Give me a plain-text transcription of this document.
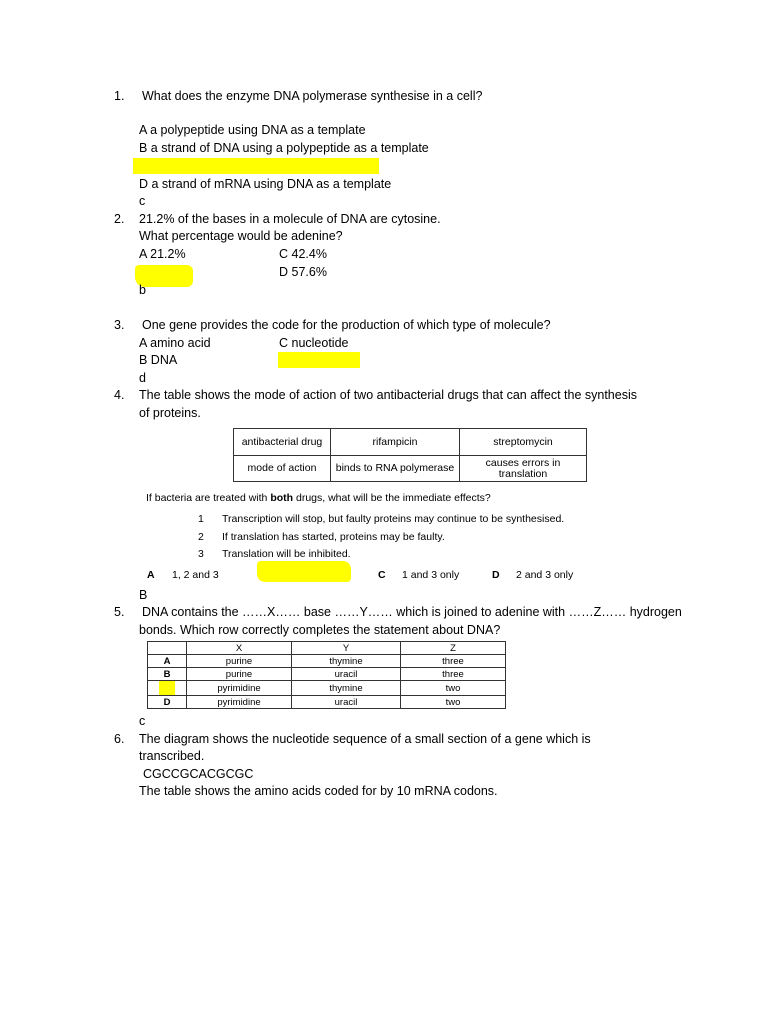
1. What does the enzyme DNA polymerase synthesise in a cell?
A a polypeptide using DNA as a template
B a strand of DNA using a polypeptide as a template
D a strand of mRNA using DNA as a template
c
2. 21.2% of the bases in a molecule of DNA are cytosine.
What percentage would be adenine?
A 21.2%	C 42.4%
D 57.6%
b
3. One gene provides the code for the production of which type of molecule?
A amino acid	C nucleotide
B DNA
d
4. The table shows the mode of action of two antibacterial drugs that can affect the synthesis
of proteins.
antibacterial drug	rifampicin	streptomycin
mode of action	binds to RNA polymerase	causes errors in translation
If bacteria are treated with both drugs, what will be the immediate effects?
1 Transcription will stop, but faulty proteins may continue to be synthesised.
2 If translation has started, proteins may be faulty.
3 Translation will be inhibited.
A 1, 2 and 3	C 1 and 3 only	D 2 and 3 only
B
5. DNA contains the ……X…… base ……Y…… which is joined to adenine with ……Z…… hydrogen
bonds. Which row correctly completes the statement about DNA?
	X	Y	Z
A	purine	thymine	three
B	purine	uracil	three
	pyrimidine	thymine	two
D	pyrimidine	uracil	two
c
6. The diagram shows the nucleotide sequence of a small section of a gene which is
transcribed.
CGCCGCACGCGC
The table shows the amino acids coded for by 10 mRNA codons.
